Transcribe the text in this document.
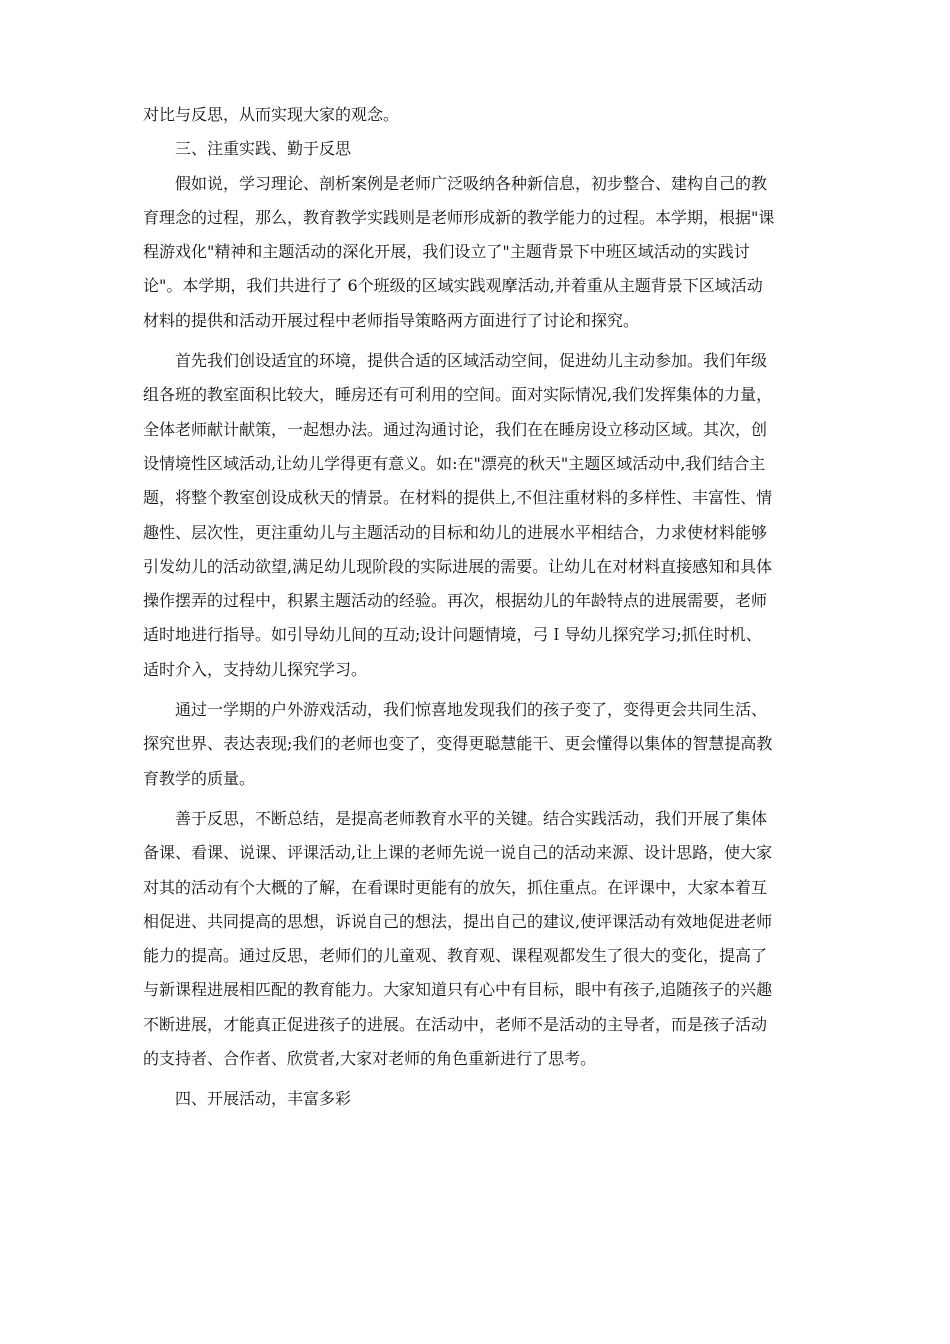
对比与反思，从而实现大家的观念。
三、注重实践、勤于反思
假如说，学习理论、剖析案例是老师广泛吸纳各种新信息，初步整合、建构自己的教
育理念的过程，那么，教育教学实践则是老师形成新的教学能力的过程。本学期，根据"课
程游戏化"精神和主题活动的深化开展，我们设立了"主题背景下中班区域活动的实践讨
论"。本学期，我们共进行了 6个班级的区域实践观摩活动,并着重从主题背景下区域活动
材料的提供和活动开展过程中老师指导策略两方面进行了讨论和探究。
首先我们创设适宜的环境，提供合适的区域活动空间，促进幼儿主动参加。我们年级
组各班的教室面积比较大，睡房还有可利用的空间。面对实际情况,我们发挥集体的力量，
全体老师献计献策，一起想办法。通过沟通讨论，我们在在睡房设立移动区域。其次，创
设情境性区域活动,让幼儿学得更有意义。如:在"漂亮的秋天"主题区域活动中,我们结合主
题，将整个教室创设成秋天的情景。在材料的提供上,不但注重材料的多样性、丰富性、情
趣性、层次性，更注重幼儿与主题活动的目标和幼儿的进展水平相结合，力求使材料能够
引发幼儿的活动欲望,满足幼儿现阶段的实际进展的需要。让幼儿在对材料直接感知和具体
操作摆弄的过程中，积累主题活动的经验。再次，根据幼儿的年龄特点的进展需要，老师
适时地进行指导。如引导幼儿间的互动;设计问题情境，弓Ｉ导幼儿探究学习;抓住时机、
适时介入，支持幼儿探究学习。
通过一学期的户外游戏活动，我们惊喜地发现我们的孩子变了，变得更会共同生活、
探究世界、表达表现;我们的老师也变了，变得更聪慧能干、更会懂得以集体的智慧提高教
育教学的质量。
善于反思，不断总结，是提高老师教育水平的关键。结合实践活动，我们开展了集体
备课、看课、说课、评课活动,让上课的老师先说一说自己的活动来源、设计思路，使大家
对其的活动有个大概的了解，在看课时更能有的放矢，抓住重点。在评课中，大家本着互
相促进、共同提高的思想，诉说自己的想法，提出自己的建议,使评课活动有效地促进老师
能力的提高。通过反思，老师们的儿童观、教育观、课程观都发生了很大的变化，提高了
与新课程进展相匹配的教育能力。大家知道只有心中有目标，眼中有孩子,追随孩子的兴趣
不断进展，才能真正促进孩子的进展。在活动中，老师不是活动的主导者，而是孩子活动
的支持者、合作者、欣赏者,大家对老师的角色重新进行了思考。
四、开展活动，丰富多彩
